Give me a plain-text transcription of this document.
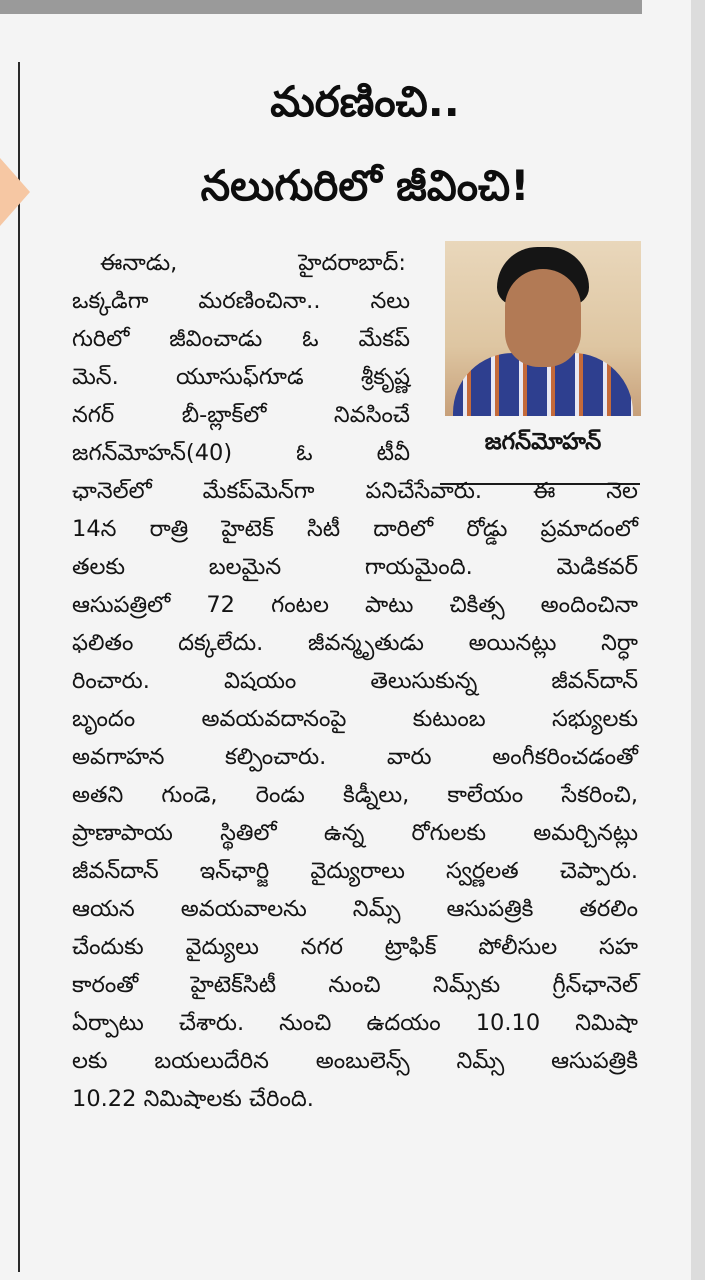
మరణించి..
నలుగురిలో జీవించి!
జగన్‌మోహన్

ఈనాడు, హైదరాబాద్:

ఒక్కడిగా మరణించినా.. నలు

గురిలో జీవించాడు ఓ మేకప్

మెన్. యూసుఫ్‌గూడ శ్రీకృష్ణ

నగర్ బీ-బ్లాక్‌లో నివసించే

జగన్‌మోహన్(40) ఓ టీవీ

ఛానెల్‌లో మేకప్‌మెన్‌గా పనిచేసేవారు. ఈ నెల

14న రాత్రి హైటెక్ సిటీ దారిలో రోడ్డు ప్రమాదంలో

తలకు బలమైన గాయమైంది. మెడికవర్

ఆసుపత్రిలో 72 గంటల పాటు చికిత్స అందించినా

ఫలితం దక్కలేదు. జీవన్మృతుడు అయినట్లు నిర్ధా

రించారు. విషయం తెలుసుకున్న జీవన్‌దాన్

బృందం అవయవదానంపై కుటుంబ సభ్యులకు

అవగాహన కల్పించారు. వారు అంగీకరించడంతో

అతని గుండె, రెండు కిడ్నీలు, కాలేయం సేకరించి,

ప్రాణాపాయ స్థితిలో ఉన్న రోగులకు అమర్చినట్లు

జీవన్‌దాన్ ఇన్‌ఛార్జి వైద్యురాలు స్వర్ణలత చెప్పారు.

ఆయన అవయవాలను నిమ్స్ ఆసుపత్రికి తరలిం

చేందుకు వైద్యులు నగర ట్రాఫిక్ పోలీసుల సహ

కారంతో హైటెక్‌సిటీ నుంచి నిమ్స్‌కు గ్రీన్‌ఛానెల్

ఏర్పాటు చేశారు. నుంచి ఉదయం 10.10 నిమిషా

లకు బయలుదేరిన అంబులెన్స్ నిమ్స్ ఆసుపత్రికి

10.22 నిమిషాలకు చేరింది.
